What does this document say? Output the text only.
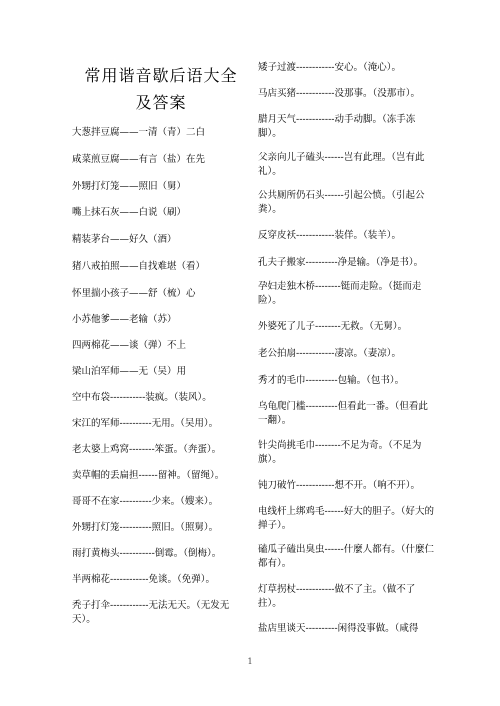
常用谐音歇后语大全
及答案
大葱拌豆腐——一清（青）二白
咸菜煎豆腐——有言（盐）在先
外甥打灯笼——照旧（舅）
嘴上抹石灰——白说（刷）
精装茅台——好久（酒）
猪八戒拍照——自找难堪（看）
怀里揣小孩子——舒（梳）心
小苏他爹——老输（苏）
四两棉花——谈（弹）不上
梁山泊军师——无（吴）用
空中布袋-----------装疯。（装风）。
宋江的军师----------无用。（吴用）。
老太婆上鸡窝--------笨蛋。（奔蛋）。
卖草帽的丢扁担------留神。（留绳）。
哥哥不在家----------少来。（嫂来）。
外甥打灯笼----------照旧。（照舅）。
雨打黄梅头-----------倒霉。（倒梅）。
半两棉花------------免谈。（免弹）。
秃子打伞------------无法无天。（无发无天）。
矮子过渡------------安心。（淹心）。
马店买猪------------没那事。（没那市）。
腊月天气------------动手动脚。（冻手冻脚）。
父亲向儿子磕头------岂有此理。（岂有此礼）。
公共厕所仍石头------引起公愤。（引起公粪）。
反穿皮袄------------装佯。（装羊）。
孔夫子搬家----------净是输。（净是书）。
孕妇走独木桥--------铤而走险。（挺而走险）。
外婆死了儿子--------无救。（无舅）。
老公拍扇------------凄凉。（妻凉）。
秀才的毛巾----------包输。（包书）。
乌龟爬门槛----------但看此一番。（但看此一翻）。
针尖尚挑毛巾--------不足为奇。（不足为旗）。
钝刀破竹------------想不开。（响不开）。
电线杆上绑鸡毛------好大的胆子。（好大的掸子）。
磕瓜子磕出臭虫------什麼人都有。（什麼仁都有）。
灯草拐杖------------做不了主。（做不了拄）。
盐店里谈天----------闲得没事做。（咸得
1
